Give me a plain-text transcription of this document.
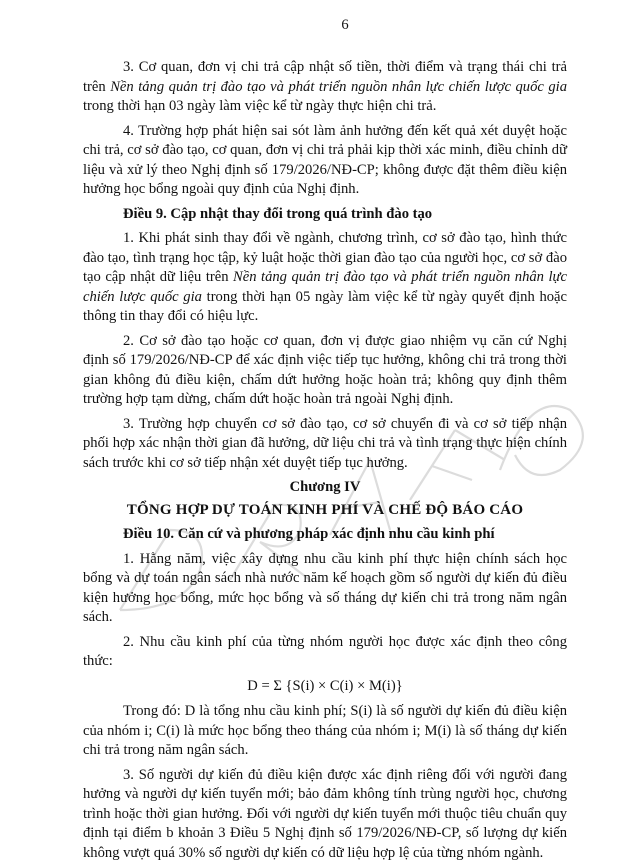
6

3. Cơ quan, đơn vị chi trả cập nhật số tiền, thời điểm và trạng thái chi trả trên Nền tảng quản trị đào tạo và phát triển nguồn nhân lực chiến lược quốc gia trong thời hạn 03 ngày làm việc kể từ ngày thực hiện chi trả.

4. Trường hợp phát hiện sai sót làm ảnh hưởng đến kết quả xét duyệt hoặc chi trả, cơ sở đào tạo, cơ quan, đơn vị chi trả phải kịp thời xác minh, điều chỉnh dữ liệu và xử lý theo Nghị định số 179/2026/NĐ-CP; không được đặt thêm điều kiện hưởng học bổng ngoài quy định của Nghị định.

Điều 9. Cập nhật thay đổi trong quá trình đào tạo

1. Khi phát sinh thay đổi về ngành, chương trình, cơ sở đào tạo, hình thức đào tạo, tình trạng học tập, kỷ luật hoặc thời gian đào tạo của người học, cơ sở đào tạo cập nhật dữ liệu trên Nền tảng quản trị đào tạo và phát triển nguồn nhân lực chiến lược quốc gia trong thời hạn 05 ngày làm việc kể từ ngày quyết định hoặc thông tin thay đổi có hiệu lực.

2. Cơ sở đào tạo hoặc cơ quan, đơn vị được giao nhiệm vụ căn cứ Nghị định số 179/2026/NĐ-CP để xác định việc tiếp tục hưởng, không chi trả trong thời gian không đủ điều kiện, chấm dứt hưởng hoặc hoàn trả; không quy định thêm trường hợp tạm dừng, chấm dứt hoặc hoàn trả ngoài Nghị định.

3. Trường hợp chuyển cơ sở đào tạo, cơ sở chuyển đi và cơ sở tiếp nhận phối hợp xác nhận thời gian đã hưởng, dữ liệu chi trả và tình trạng thực hiện chính sách trước khi cơ sở tiếp nhận xét duyệt tiếp tục hưởng.

Chương IV

TỔNG HỢP DỰ TOÁN KINH PHÍ VÀ CHẾ ĐỘ BÁO CÁO

Điều 10. Căn cứ và phương pháp xác định nhu cầu kinh phí

1. Hằng năm, việc xây dựng nhu cầu kinh phí thực hiện chính sách học bổng và dự toán ngân sách nhà nước năm kế hoạch gồm số người dự kiến đủ điều kiện hưởng học bổng, mức học bổng và số tháng dự kiến chi trả trong năm ngân sách.

2. Nhu cầu kinh phí của từng nhóm người học được xác định theo công thức:

D = Σ {S(i) × C(i) × M(i)}

Trong đó: D là tổng nhu cầu kinh phí; S(i) là số người dự kiến đủ điều kiện của nhóm i; C(i) là mức học bổng theo tháng của nhóm i; M(i) là số tháng dự kiến chi trả trong năm ngân sách.

3. Số người dự kiến đủ điều kiện được xác định riêng đối với người đang hưởng và người dự kiến tuyển mới; bảo đảm không tính trùng người học, chương trình hoặc thời gian hưởng. Đối với người dự kiến tuyển mới thuộc tiêu chuẩn quy định tại điểm b khoản 3 Điều 5 Nghị định số 179/2026/NĐ-CP, số lượng dự kiến không vượt quá 30% số người dự kiến có dữ liệu hợp lệ của từng nhóm ngành.
